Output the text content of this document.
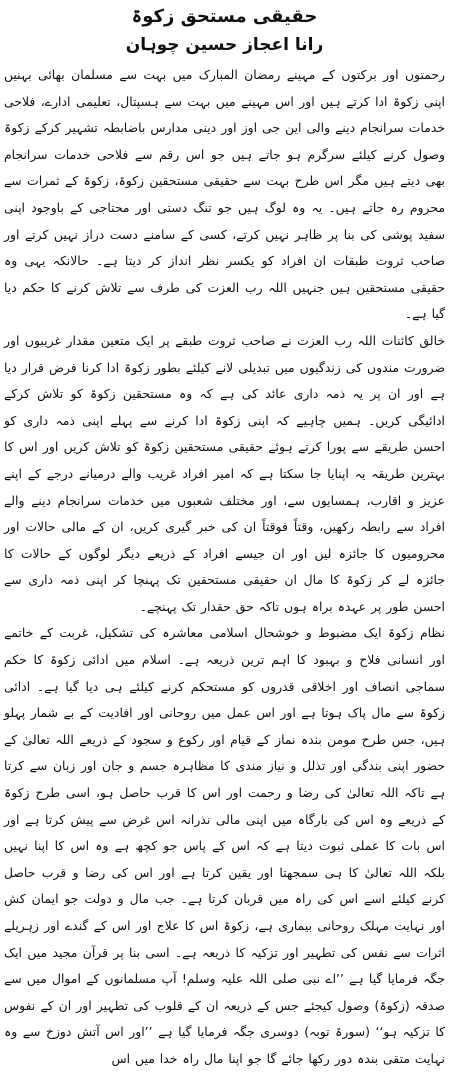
حقیقی مستحق زکوۃ
رانا اعجاز حسین چوہان

رحمتوں اور برکتوں کے مہینے رمضان المبارک میں بہت سے مسلمان بھائی بہنیں اپنی زکوۃ ادا کرتے ہیں اور اس مہینے میں بہت سے ہسپتال، تعلیمی ادارے، فلاحی خدمات سرانجام دینے والی این جی اوز اور دینی مدارس باضابطہ تشہیر کرکے زکوۃ وصول کرنے کیلئے سرگرم ہو جاتے ہیں جو اس رقم سے فلاحی خدمات سرانجام بھی دیتے ہیں مگر اس طرح بہت سے حقیقی مستحقین زکوۃ، زکوۃ کے ثمرات سے محروم رہ جاتے ہیں۔ یہ وہ لوگ ہیں جو تنگ دستی اور محتاجی کے باوجود اپنی سفید پوشی کی بنا پر ظاہر نہیں کرتے، کسی کے سامنے دست دراز نہیں کرتے اور صاحب ثروت طبقات ان افراد کو یکسر نظر انداز کر دیتا ہے۔ حالانکہ یہی وہ حقیقی مستحقین ہیں جنہیں اللہ رب العزت کی طرف سے تلاش کرنے کا حکم دیا گیا ہے۔

خالق کائنات اللہ رب العزت نے صاحب ثروت طبقے پر ایک متعین مقدار غریبوں اور ضرورت مندوں کی زندگیوں میں تبدیلی لانے کیلئے بطور زکوۃ ادا کرنا فرض قرار دیا ہے اور ان پر یہ ذمہ داری عائد کی ہے کہ وہ مستحقین زکوۃ کو تلاش کرکے ادائیگی کریں۔ ہمیں چاہیے کہ اپنی زکوۃ ادا کرنے سے پہلے اپنی ذمہ داری کو احسن طریقے سے پورا کرتے ہوئے حقیقی مستحقین زکوۃ کو تلاش کریں اور اس کا بہترین طریقہ یہ اپنایا جا سکتا ہے کہ امیر افراد غریب والے درمیانے درجے کے اپنے عزیز و اقارب، ہمسایوں سے، اور مختلف شعبوں میں خدمات سرانجام دینے والے افراد سے رابطہ رکھیں، وقتاً فوقتاً ان کی خبر گیری کریں، ان کے مالی حالات اور محرومیوں کا جائزہ لیں اور ان جیسے افراد کے ذریعے دیگر لوگوں کے حالات کا جائزہ لے کر زکوۃ کا مال ان حقیقی مستحقین تک پہنچا کر اپنی ذمہ داری سے احسن طور پر عہدہ براہ ہوں تاکہ حق حقدار تک پہنچے۔

نظام زکوۃ ایک مضبوط و خوشحال اسلامی معاشرہ کی تشکیل، غربت کے خاتمے اور انسانی فلاح و بہبود کا اہم ترین ذریعہ ہے۔ اسلام میں ادائی زکوۃ کا حکم سماجی انصاف اور اخلاقی قدروں کو مستحکم کرنے کیلئے ہی دیا گیا ہے۔ ادائی زکوۃ سے مال پاک ہوتا ہے اور اس عمل میں روحانی اور افادیت کے بے شمار پہلو ہیں، جس طرح مومن بندہ نماز کے قیام اور رکوع و سجود کے ذریعے اللہ تعالیٰ کے حضور اپنی بندگی اور تذلل و نیاز مندی کا مظاہرہ جسم و جان اور زبان سے کرتا ہے تاکہ اللہ تعالیٰ کی رضا و رحمت اور اس کا قرب حاصل ہو، اسی طرح زکوۃ کے ذریعے وہ اس کی بارگاہ میں اپنی مالی نذرانہ اس غرض سے پیش کرتا ہے اور اس بات کا عملی ثبوت دیتا ہے کہ اس کے پاس جو کچھ ہے وہ اس کا اپنا نہیں بلکہ اللہ تعالیٰ کا ہی سمجھتا اور یقین کرتا ہے اور اس کی رضا و قرب حاصل کرنے کیلئے اسے اس کی راہ میں قربان کرتا ہے۔ جب مال و دولت جو ایمان کش اور نہایت مہلک روحانی بیماری ہے، زکوۃ اس کا علاج اور اس کے گندے اور زہریلے اثرات سے نفس کی تطہیر اور تزکیہ کا ذریعہ ہے۔ اسی بنا پر قرآن مجید میں ایک جگہ فرمایا گیا ہے ’’اے نبی صلی اللہ علیہ وسلم! آپ مسلمانوں کے اموال میں سے صدقہ (زکوۃ) وصول کیجئے جس کے ذریعہ ان کے قلوب کی تطہیر اور ان کے نفوس کا تزکیہ ہو‘‘ (سورۃ توبہ) دوسری جگہ فرمایا گیا ہے ’’اور اس آتش دوزخ سے وہ نہایت متقی بندہ دور رکھا جائے گا جو اپنا مال راہ خدا میں اس
